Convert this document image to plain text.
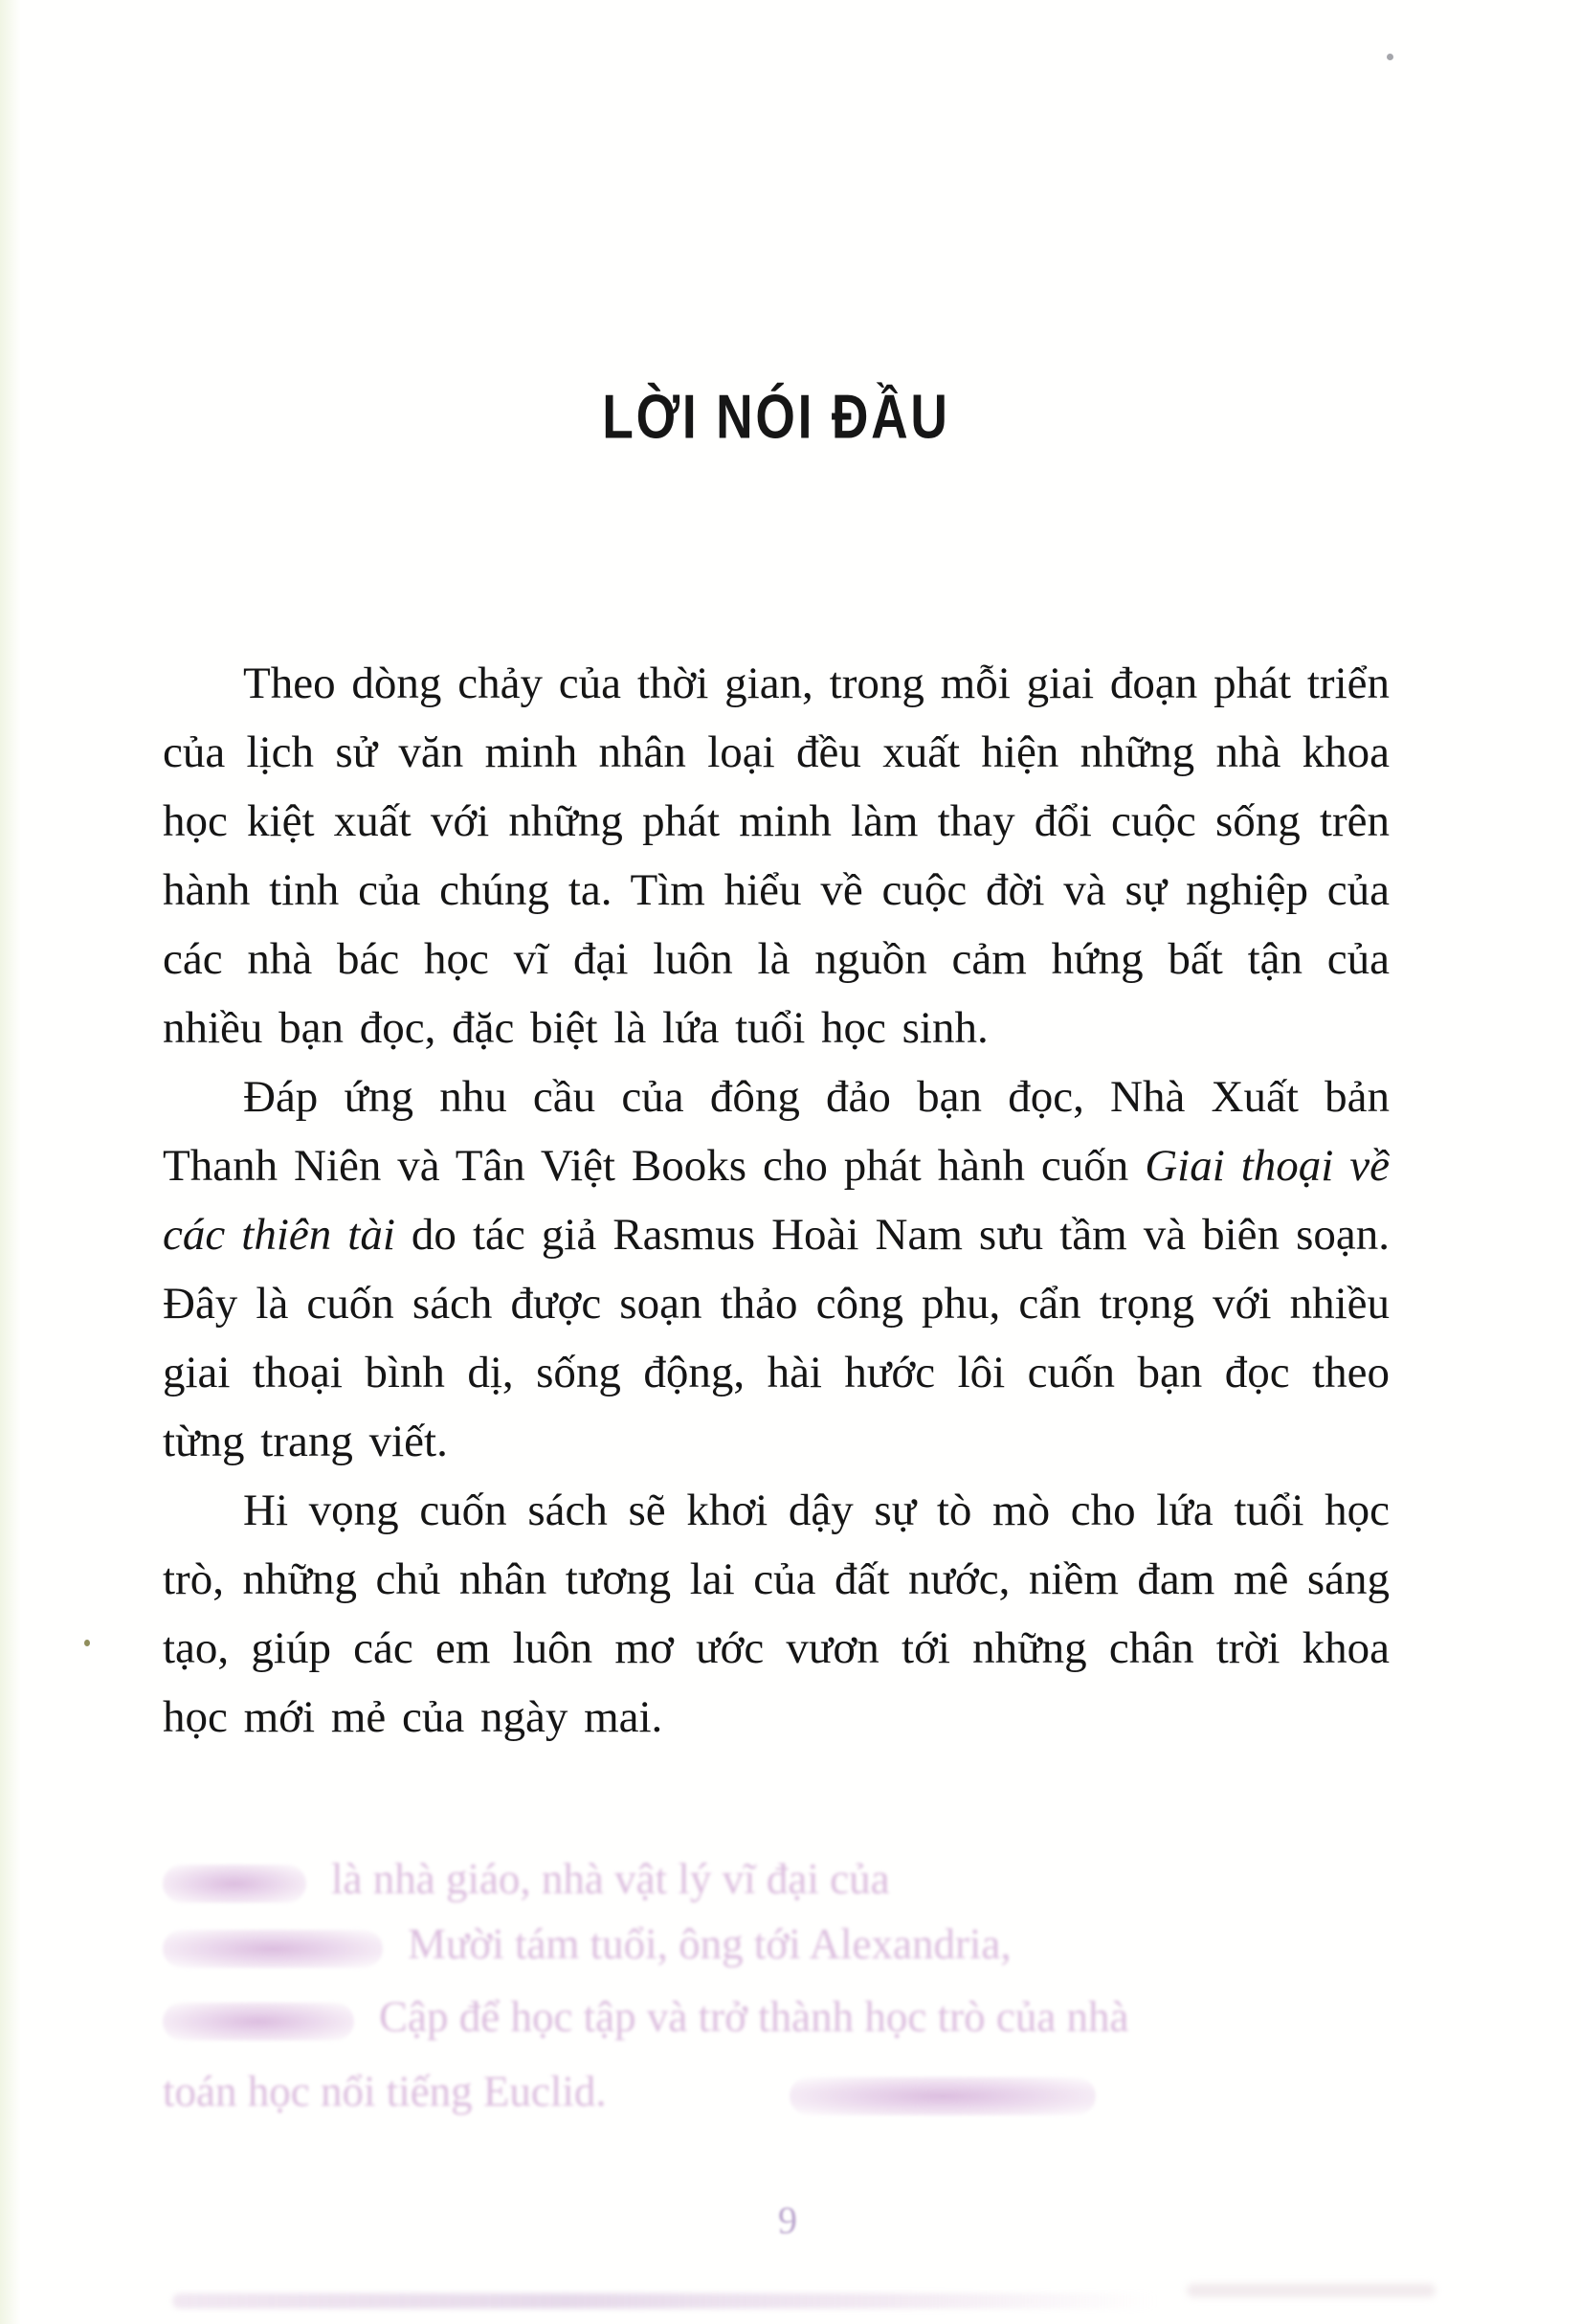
LỜI NÓI ĐẦU

Theo dòng chảy của thời gian, trong mỗi giai đoạn phát triển của lịch sử văn minh nhân loại đều xuất hiện những nhà khoa học kiệt xuất với những phát minh làm thay đổi cuộc sống trên hành tinh của chúng ta. Tìm hiểu về cuộc đời và sự nghiệp của các nhà bác học vĩ đại luôn là nguồn cảm hứng bất tận của nhiều bạn đọc, đặc biệt là lứa tuổi học sinh.

Đáp ứng nhu cầu của đông đảo bạn đọc, Nhà Xuất bản Thanh Niên và Tân Việt Books cho phát hành cuốn Giai thoại về các thiên tài do tác giả Rasmus Hoài Nam sưu tầm và biên soạn. Đây là cuốn sách được soạn thảo công phu, cẩn trọng với nhiều giai thoại bình dị, sống động, hài hước lôi cuốn bạn đọc theo từng trang viết.

Hi vọng cuốn sách sẽ khơi dậy sự tò mò cho lứa tuổi học trò, những chủ nhân tương lai của đất nước, niềm đam mê sáng tạo, giúp các em luôn mơ ước vươn tới những chân trời khoa học mới mẻ của ngày mai.

là nhà giáo, nhà vật lý vĩ đại của
Mười tám tuổi, ông tới Alexandria,
Cập để học tập và trở thành học trò của nhà
toán học nổi tiếng Euclid.
9
